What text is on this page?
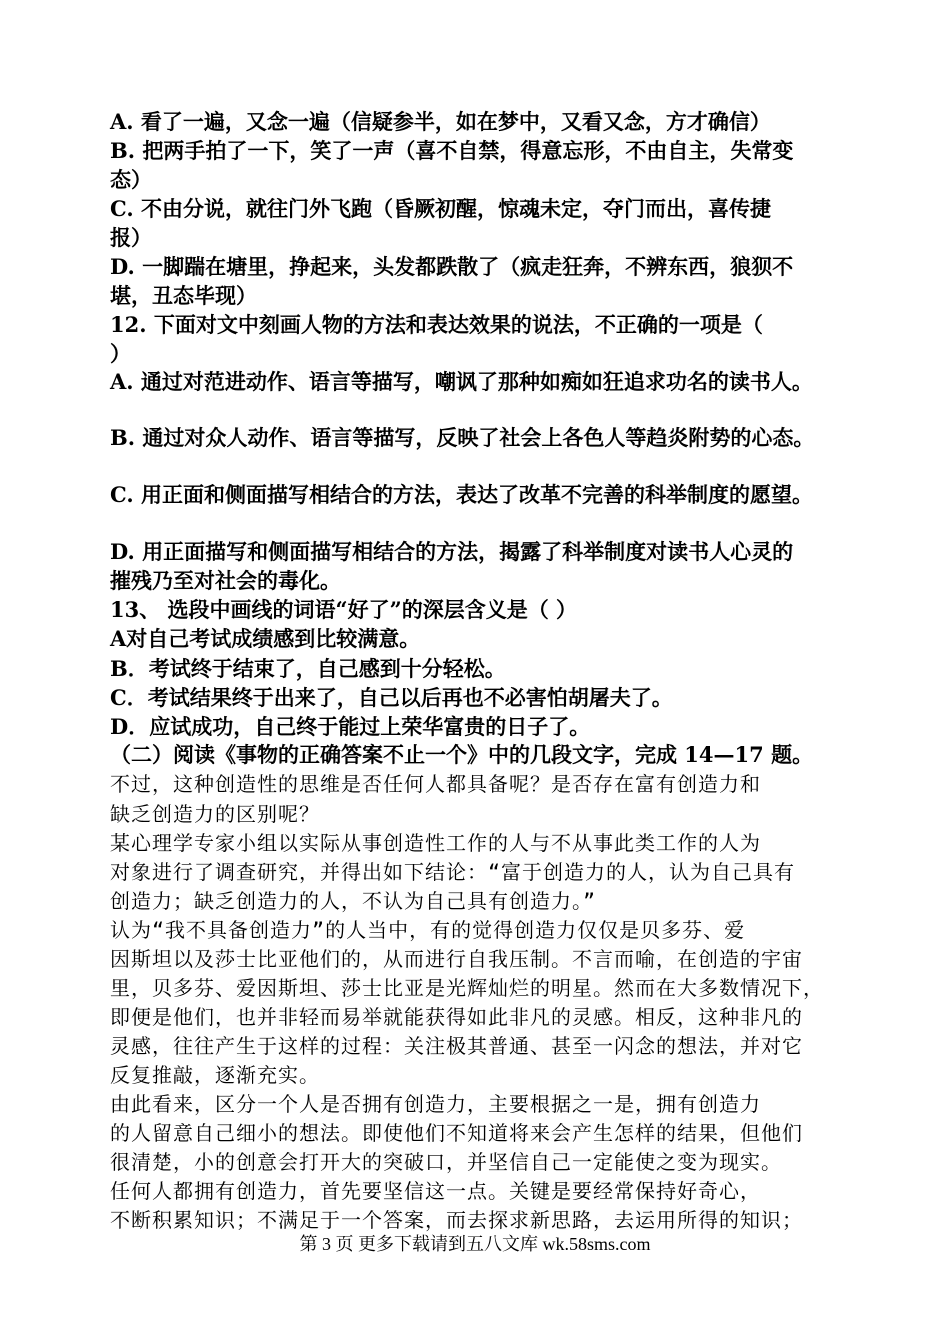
A. 看了一遍，又念一遍（信疑参半，如在梦中，又看又念，方才确信）
B. 把两手拍了一下，笑了一声（喜不自禁，得意忘形，不由自主，失常变
态）
C. 不由分说，就往门外飞跑（昏厥初醒，惊魂未定，夺门而出，喜传捷
报）
D. 一脚踹在塘里，挣起来，头发都跌散了（疯走狂奔，不辨东西，狼狈不
堪，丑态毕现）
12. 下面对文中刻画人物的方法和表达效果的说法，不正确的一项是（
）
A. 通过对范进动作、语言等描写，嘲讽了那种如痴如狂追求功名的读书人。
B. 通过对众人动作、语言等描写，反映了社会上各色人等趋炎附势的心态。
C. 用正面和侧面描写相结合的方法，表达了改革不完善的科举制度的愿望。
D. 用正面描写和侧面描写相结合的方法，揭露了科举制度对读书人心灵的
摧残乃至对社会的毒化。
13、 选段中画线的词语“好了”的深层含义是（ ）
A对自己考试成绩感到比较满意。
B．考试终于结束了，自己感到十分轻松。
C．考试结果终于出来了，自己以后再也不必害怕胡屠夫了。
D．应试成功，自己终于能过上荣华富贵的日子了。
（二）阅读《事物的正确答案不止一个》中的几段文字，完成 14—17 题。
不过，这种创造性的思维是否任何人都具备呢？是否存在富有创造力和
缺乏创造力的区别呢？
某心理学专家小组以实际从事创造性工作的人与不从事此类工作的人为
对象进行了调查研究，并得出如下结论：“富于创造力的人，认为自己具有
创造力；缺乏创造力的人，不认为自己具有创造力。”
认为“我不具备创造力”的人当中，有的觉得创造力仅仅是贝多芬、爱
因斯坦以及莎士比亚他们的，从而进行自我压制。不言而喻，在创造的宇宙
里，贝多芬、爱因斯坦、莎士比亚是光辉灿烂的明星。然而在大多数情况下，
即便是他们，也并非轻而易举就能获得如此非凡的灵感。相反，这种非凡的
灵感，往往产生于这样的过程：关注极其普通、甚至一闪念的想法，并对它
反复推敲，逐渐充实。
由此看来，区分一个人是否拥有创造力，主要根据之一是，拥有创造力
的人留意自己细小的想法。即使他们不知道将来会产生怎样的结果，但他们
很清楚，小的创意会打开大的突破口，并坚信自己一定能使之变为现实。
任何人都拥有创造力，首先要坚信这一点。关键是要经常保持好奇心，
不断积累知识；不满足于一个答案，而去探求新思路，去运用所得的知识；
第 3 页 更多下载请到五八文库 wk.58sms.com
